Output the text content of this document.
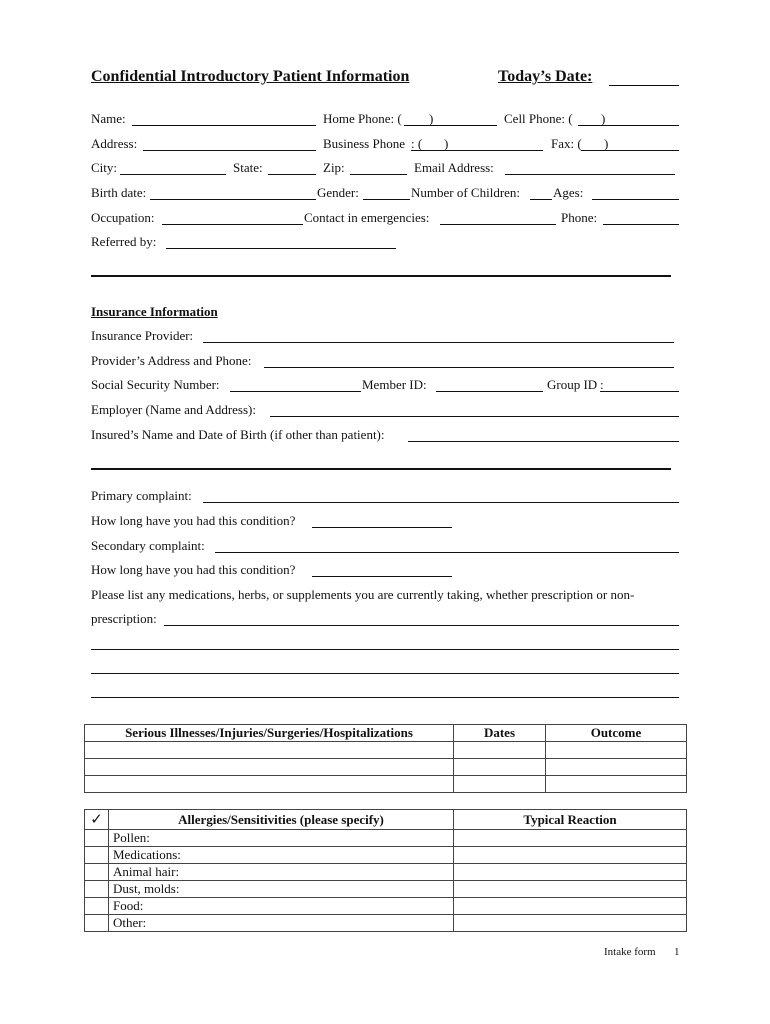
Confidential Introductory Patient Information	Today’s Date:
Name:	Home Phone: ( )	Cell Phone: ( )
Address:	Business Phone : ( )	Fax: ( )
City:	State:	Zip:	Email Address:
Birth date:	Gender:	Number of Children:	Ages:
Occupation:	Contact in emergencies:	Phone:
Referred by:
Insurance Information
Insurance Provider:
Provider’s Address and Phone:
Social Security Number:	Member ID:	Group ID :
Employer (Name and Address):
Insured’s Name and Date of Birth (if other than patient):
Primary complaint:
How long have you had this condition?
Secondary complaint:
How long have you had this condition?
Please list any medications, herbs, or supplements you are currently taking, whether prescription or non-
prescription:
Serious Illnesses/Injuries/Surgeries/Hospitalizations	Dates	Outcome

✓	Allergies/Sensitivities (please specify)	Typical Reaction
	Pollen:	
	Medications:	
	Animal hair:	
	Dust, molds:	
	Food:	
	Other:	
Intake form 1
